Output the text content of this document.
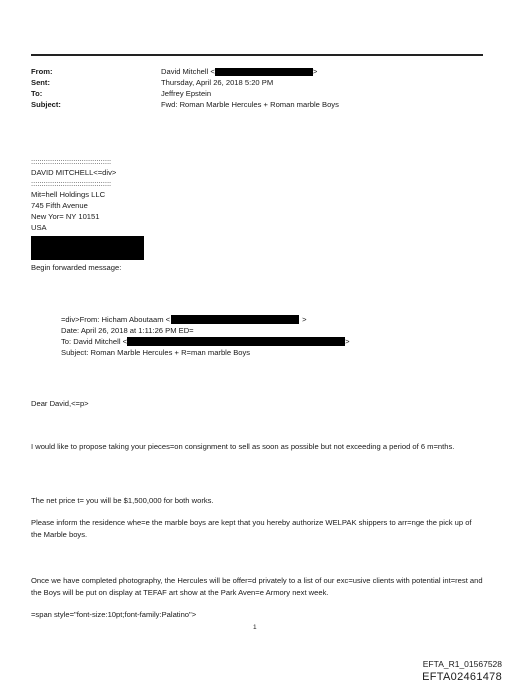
From:	David Mitchell <	>
Sent:	Thursday, April 26, 2018 5:20 PM
To:	Jeffrey Epstein
Subject:	Fwd: Roman Marble Hercules + Roman marble Boys
::::::::::::::::::::::::::::::::::::::
DAVID MITCHELL<=div>
::::::::::::::::::::::::::::::::::::::
Mit=hell Holdings LLC
745 Fifth Avenue
New Yor= NY 10151
USA
Begin forwarded message:
=div>From: Hicham Aboutaam <	>
Date: April 26, 2018 at 1:11:26 PM ED=
To: David Mitchell <	>
Subject: Roman Marble Hercules + R=man marble Boys
Dear David,<=p>
I would like to propose taking your pieces=on consignment to sell as soon as possible but not exceeding a period of 6 m=nths.
The net price t= you will be $1,500,000 for both works.
Please inform the residence whe=e the marble boys are kept that you hereby authorize WELPAK shippers to arr=nge the pick up of the Marble boys.
Once we have completed photography, the Hercules will be offer=d privately to a list of our exc=usive clients with potential int=rest and the Boys will be put on display at TEFAF art show at the Park Aven=e Armory next week.
=span style="font-size:10pt;font-family:Palatino">
1
EFTA_R1_01567528
EFTA02461478
